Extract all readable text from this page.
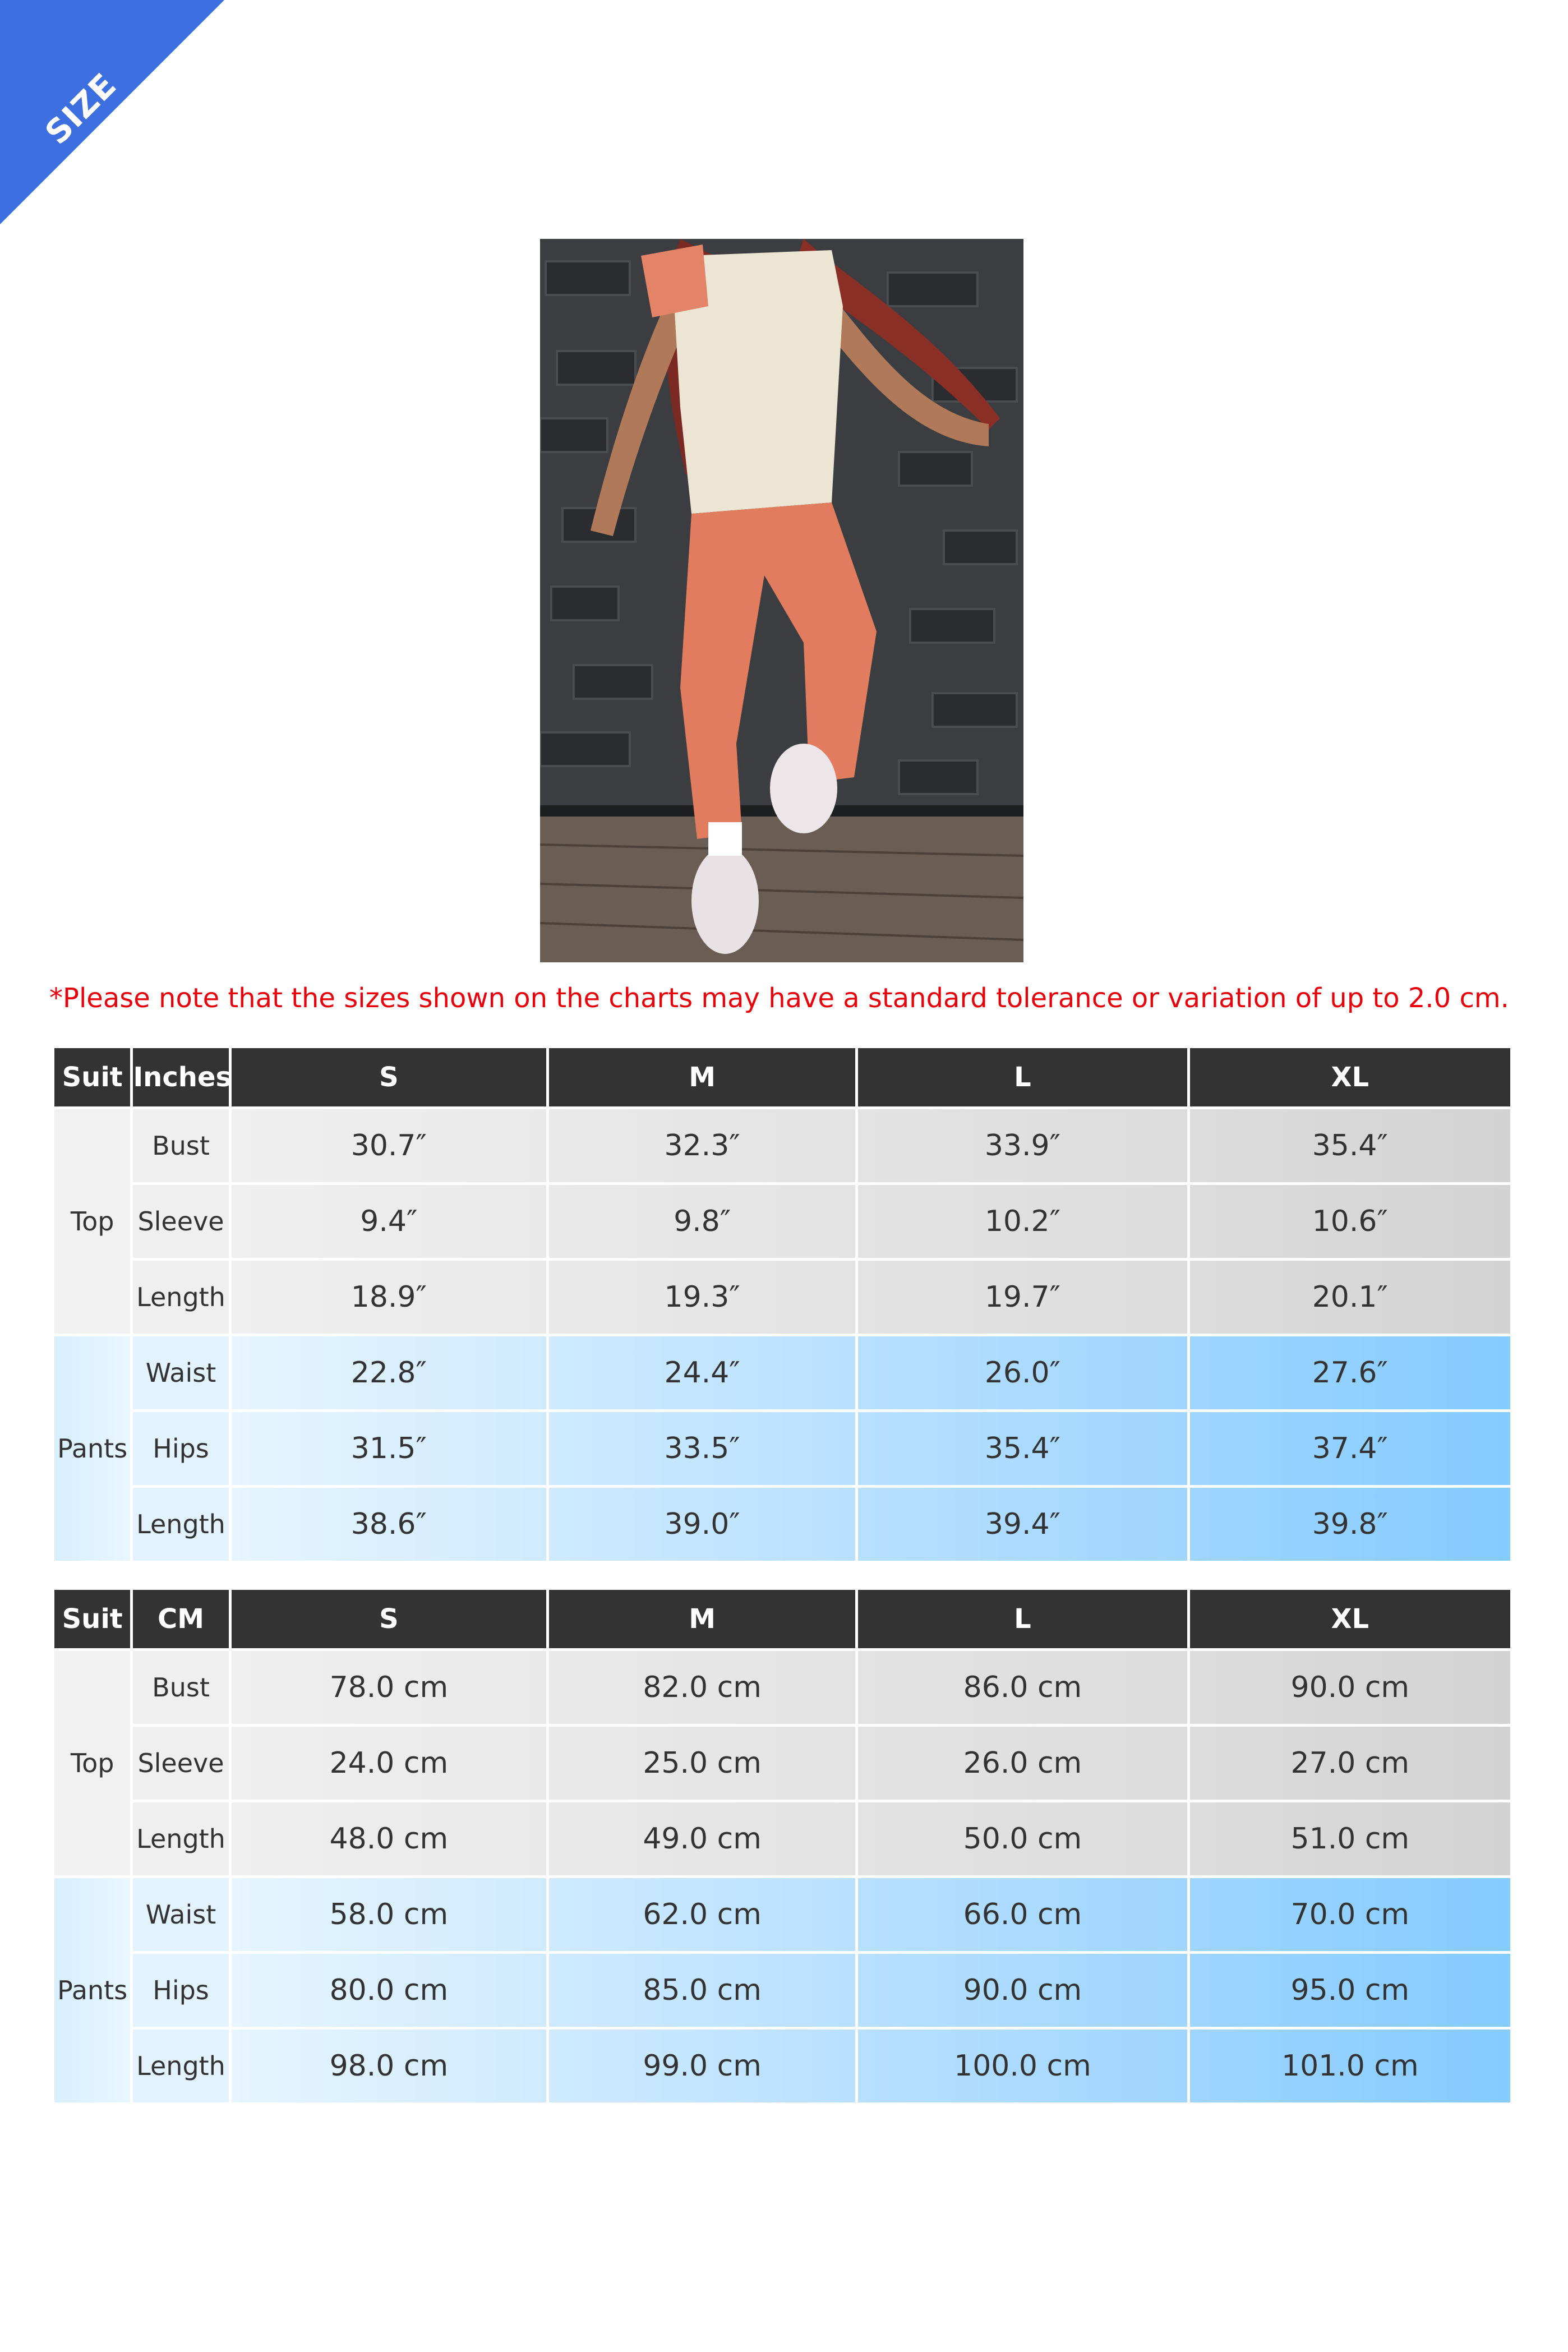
SIZE CHART
*Please note that the sizes shown on the charts may have a standard tolerance or variation of up to 2.0 cm.
Suit	Inches	S	M	L	XL
Top	Bust	30.7″	32.3″	33.9″	35.4″
	Sleeve	9.4″	9.8″	10.2″	10.6″
	Length	18.9″	19.3″	19.7″	20.1″
Pants	Waist	22.8″	24.4″	26.0″	27.6″
	Hips	31.5″	33.5″	35.4″	37.4″
	Length	38.6″	39.0″	39.4″	39.8″
Suit	CM	S	M	L	XL
Top	Bust	78.0 cm	82.0 cm	86.0 cm	90.0 cm
	Sleeve	24.0 cm	25.0 cm	26.0 cm	27.0 cm
	Length	48.0 cm	49.0 cm	50.0 cm	51.0 cm
Pants	Waist	58.0 cm	62.0 cm	66.0 cm	70.0 cm
	Hips	80.0 cm	85.0 cm	90.0 cm	95.0 cm
	Length	98.0 cm	99.0 cm	100.0 cm	101.0 cm
